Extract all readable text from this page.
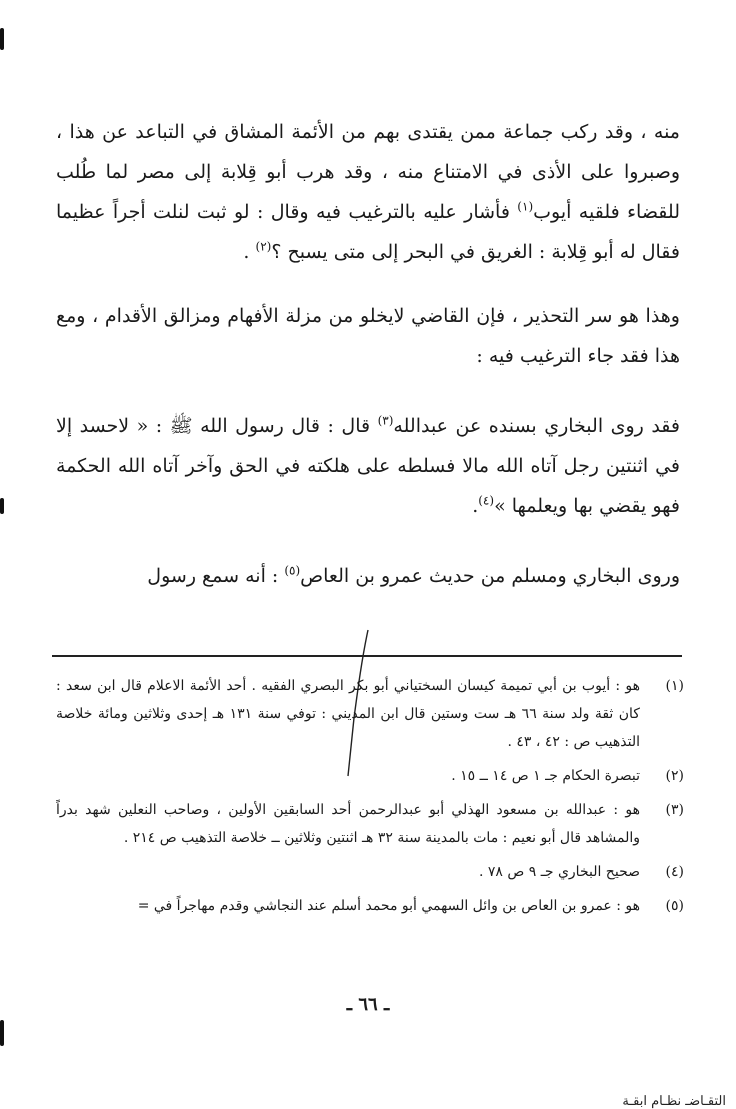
منه ، وقد ركب جماعة ممن يقتدى بهم من الأئمة المشاق في التباعد عن هذا ، وصبروا على الأذى في الامتناع منه ، وقد هرب أبو قِلابة إلى مصر لما طُلب للقضاء فلقيه أيوب$^{(١)}$ فأشار عليه بالترغيب فيه وقال : لو ثبت لنلت أجراً عظيما فقال له أبو قِلابة : الغريق في البحر إلى متى يسبح ؟$^{(٢)}$ .

وهذا هو سر التحذير ، فإن القاضي لايخلو من مزلة الأفهام ومزالق الأقدام ، ومع هذا فقد جاء الترغيب فيه :

فقد روى البخاري بسنده عن عبدالله$^{(٣)}$ قال : قال رسول الله ﷺ : « لاحسد إلا في اثنتين رجل آتاه الله مالا فسلطه على هلكته في الحق وآخر آتاه الله الحكمة فهو يقضي بها ويعلمها »$^{(٤)}$.

وروى البخاري ومسلم من حديث عمرو بن العاص$^{(٥)}$ : أنه سمع رسول

(١)
هو : أيوب بن أبي تميمة كيسان السختياني أبو بكر البصري الفقيه . أحد الأئمة الاعلام قال ابن سعد : كان ثقة ولد سنة ٦٦ هـ ست وستين قال ابن المديني : توفي سنة ١٣١ هـ إحدى وثلاثين ومائة خلاصة التذهيب ص : ٤٢ ، ٤٣ .
(٢)
تبصرة الحكام جـ ١ ص ١٤ ــ ١٥ .
(٣)
هو : عبدالله بن مسعود الهذلي أبو عبدالرحمن أحد السابقين الأولين ، وصاحب النعلين شهد بدراً والمشاهد قال أبو نعيم : مات بالمدينة سنة ٣٢ هـ اثنتين وثلاثين ــ خلاصة التذهيب ص ٢١٤ .
(٤)
صحيح البخاري جـ ٩ ص ٧٨ .
(٥)
هو : عمرو بن العاص بن وائل السهمي أبو محمد أسلم عند النجاشي وقدم مهاجراً في =
ـ ٦٦ ـ
التقـاضـ نظـام ابقـة
